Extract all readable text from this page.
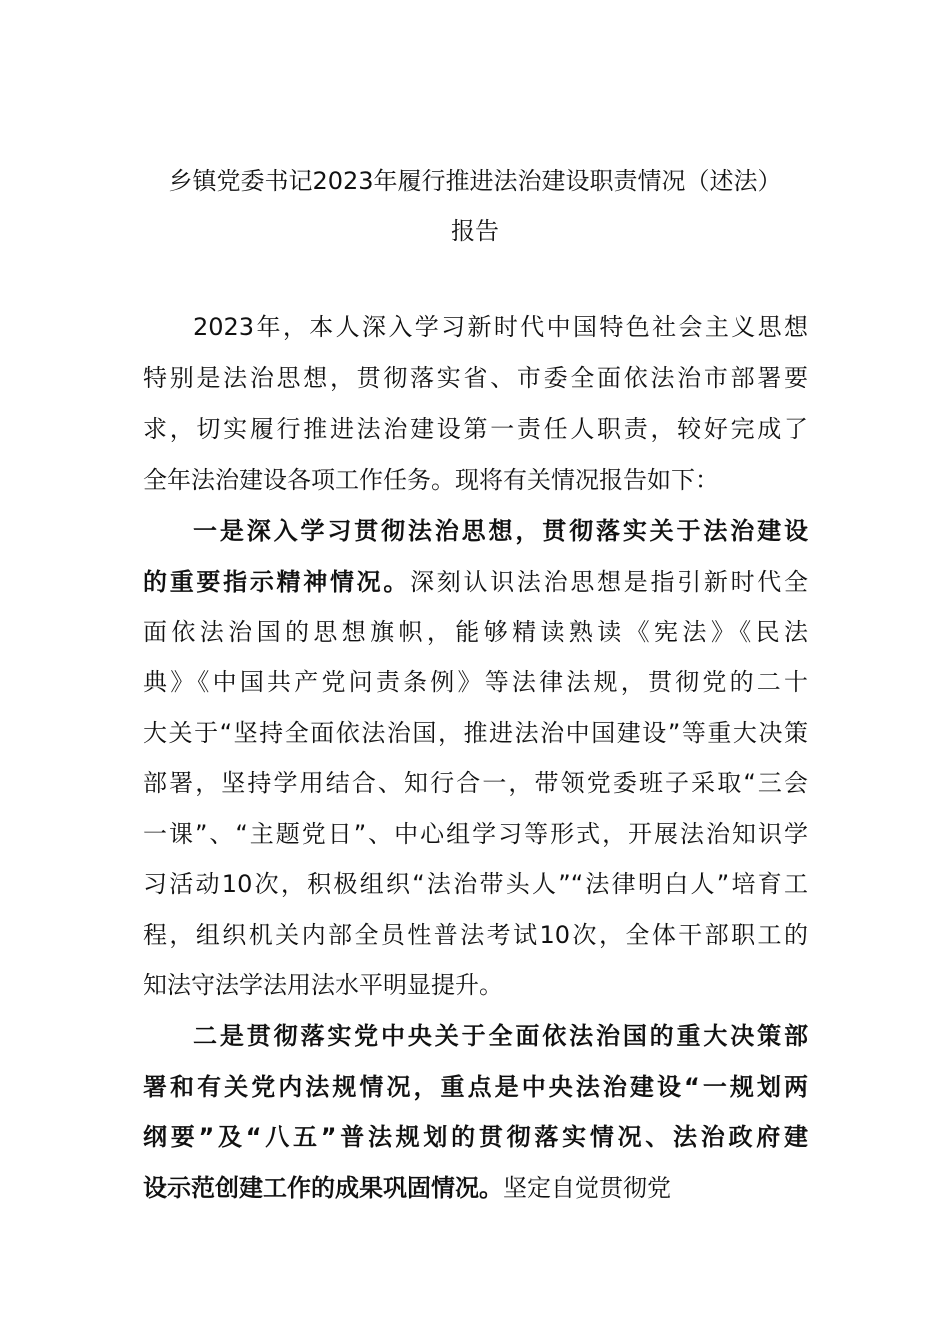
乡镇党委书记2023年履行推进法治建设职责情况（述法）
报告
2023年，本人深入学习新时代中国特色社会主义思想
特别是法治思想，贯彻落实省、市委全面依法治市部署要
求，切实履行推进法治建设第一责任人职责，较好完成了
全年法治建设各项工作任务。现将有关情况报告如下：
一是深入学习贯彻法治思想，贯彻落实关于法治建设
的重要指示精神情况。深刻认识法治思想是指引新时代全
面依法治国的思想旗帜，能够精读熟读《宪法》《民法
典》《中国共产党问责条例》等法律法规，贯彻党的二十
大关于“坚持全面依法治国，推进法治中国建设”等重大决策
部署，坚持学用结合、知行合一，带领党委班子采取“三会
一课”、“主题党日”、中心组学习等形式，开展法治知识学
习活动10次，积极组织“法治带头人”“法律明白人”培育工
程，组织机关内部全员性普法考试10次，全体干部职工的
知法守法学法用法水平明显提升。
二是贯彻落实党中央关于全面依法治国的重大决策部
署和有关党内法规情况，重点是中央法治建设“一规划两
纲要”及“八五”普法规划的贯彻落实情况、法治政府建
设示范创建工作的成果巩固情况。坚定自觉贯彻党
